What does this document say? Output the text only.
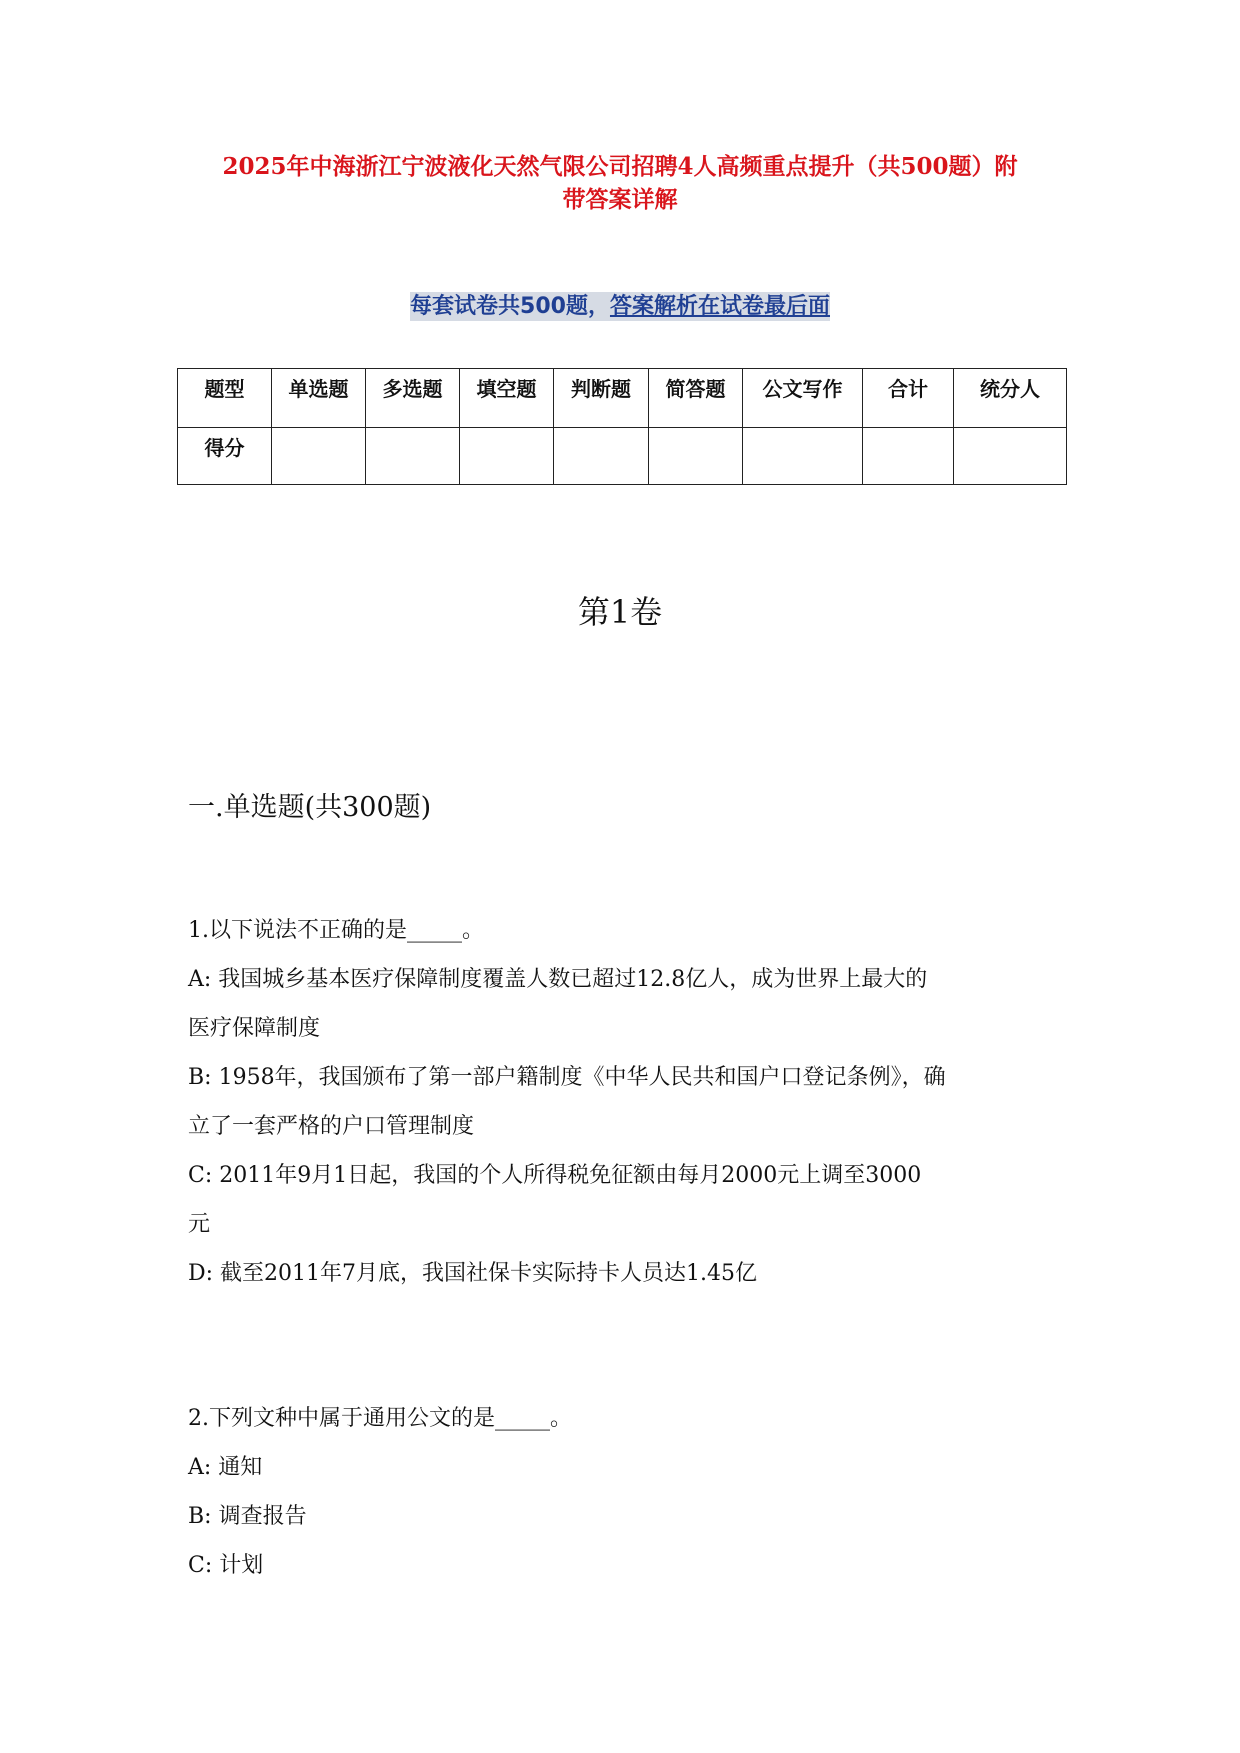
2025年中海浙江宁波液化天然气限公司招聘4人高频重点提升（共500题）附
带答案详解
每套试卷共500题，答案解析在试卷最后面
题型	单选题	多选题	填空题	判断题	简答题	公文写作	合计	统分人
得分								
第1卷
一.单选题(共300题)
1.以下说法不正确的是_____。
A: 我国城乡基本医疗保障制度覆盖人数已超过12.8亿人，成为世界上最大的
医疗保障制度
B: 1958年，我国颁布了第一部户籍制度《中华人民共和国户口登记条例》，确
立了一套严格的户口管理制度
C: 2011年9月1日起，我国的个人所得税免征额由每月2000元上调至3000
元
D: 截至2011年7月底，我国社保卡实际持卡人员达1.45亿
2.下列文种中属于通用公文的是_____。
A: 通知
B: 调查报告
C: 计划
